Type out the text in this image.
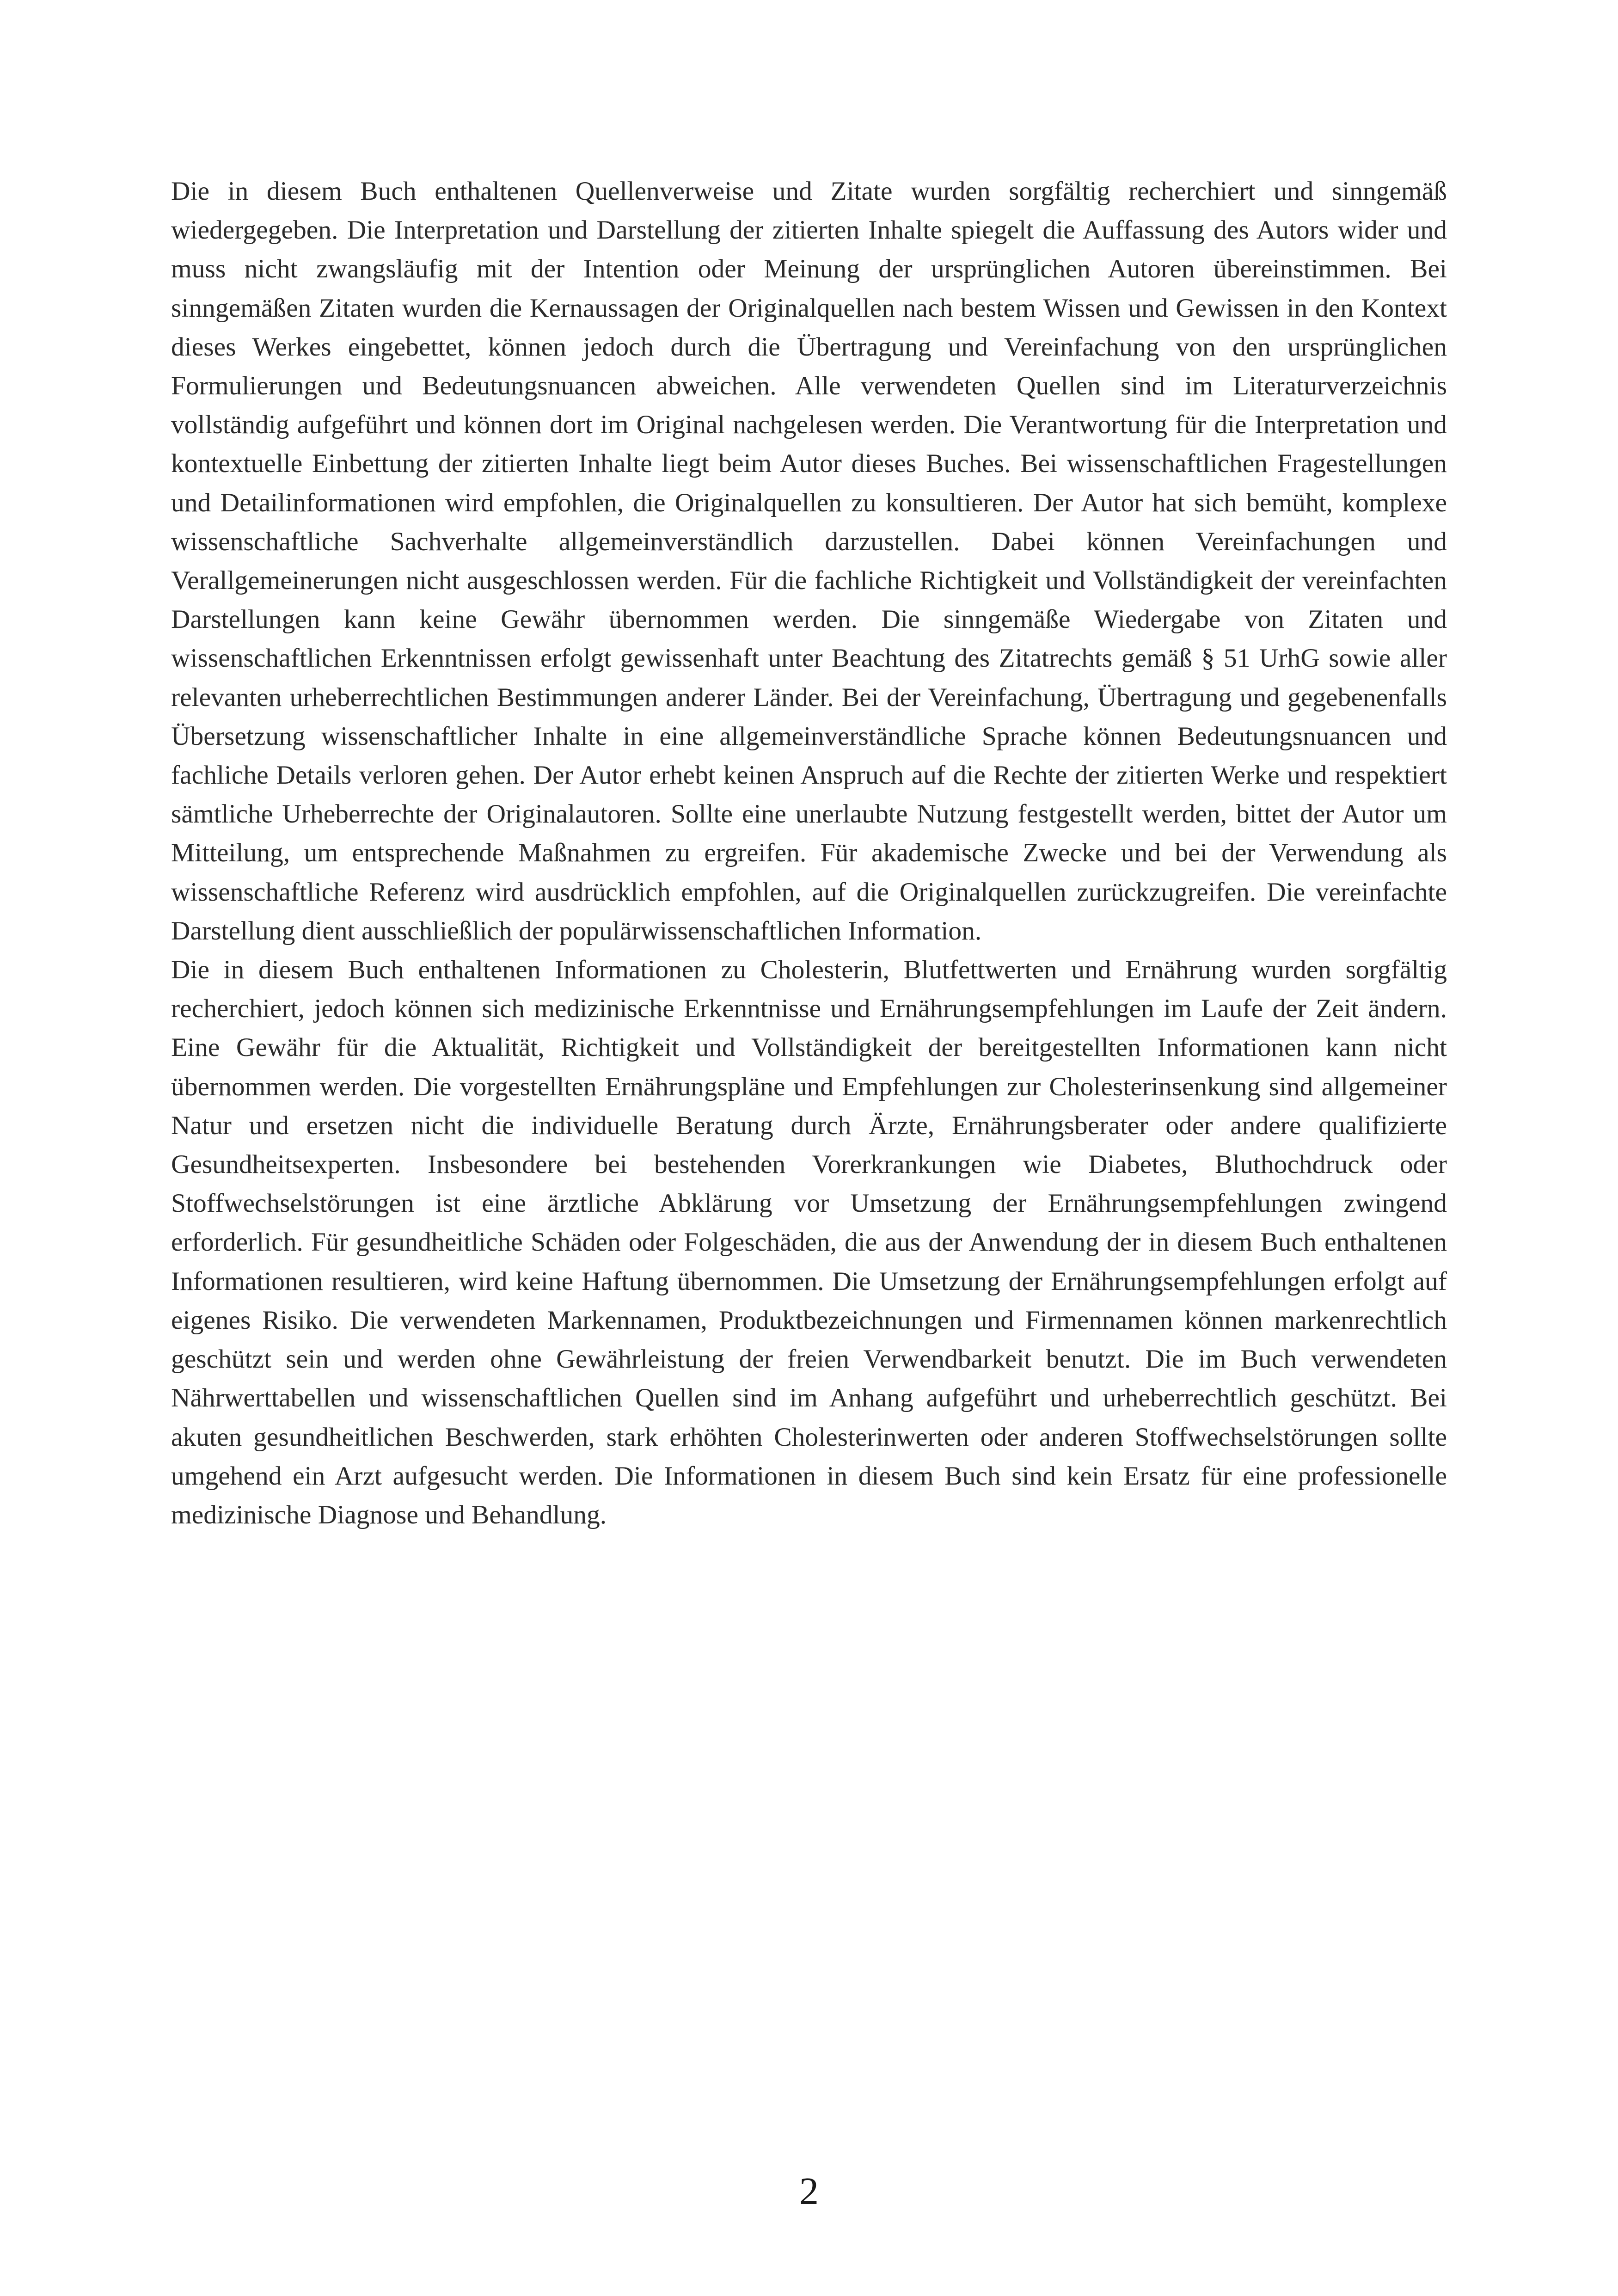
Die in diesem Buch enthaltenen Quellenverweise und Zitate wurden sorgfältig recherchiert und sinngemäß wiedergegeben. Die Interpretation und Darstellung der zitierten Inhalte spiegelt die Auffassung des Autors wider und muss nicht zwangsläufig mit der Intention oder Meinung der ursprünglichen Autoren übereinstimmen. Bei sinngemäßen Zitaten wurden die Kernaussagen der Originalquellen nach bestem Wissen und Gewissen in den Kontext dieses Werkes eingebettet, können jedoch durch die Übertragung und Vereinfachung von den ursprünglichen Formulierungen und Bedeutungsnuancen abweichen. Alle verwendeten Quellen sind im Literaturverzeichnis vollständig aufgeführt und können dort im Original nachgelesen werden. Die Verantwortung für die Interpretation und kontextuelle Einbettung der zitierten Inhalte liegt beim Autor dieses Buches. Bei wissenschaftlichen Fragestellungen und Detailinformationen wird empfohlen, die Originalquellen zu konsultieren. Der Autor hat sich bemüht, komplexe wissenschaftliche Sachverhalte allgemeinverständlich darzustellen. Dabei können Vereinfachungen und Verallgemeinerungen nicht ausgeschlossen werden. Für die fachliche Richtigkeit und Vollständigkeit der vereinfachten Darstellungen kann keine Gewähr übernommen werden. Die sinngemäße Wiedergabe von Zitaten und wissenschaftlichen Erkenntnissen erfolgt gewissenhaft unter Beachtung des Zitatrechts gemäß § 51 UrhG sowie aller relevanten urheberrechtlichen Bestimmungen anderer Länder. Bei der Vereinfachung, Übertragung und gegebenenfalls Übersetzung wissenschaftlicher Inhalte in eine allgemeinverständliche Sprache können Bedeutungsnuancen und fachliche Details verloren gehen. Der Autor erhebt keinen Anspruch auf die Rechte der zitierten Werke und respektiert sämtliche Urheberrechte der Originalautoren. Sollte eine unerlaubte Nutzung festgestellt werden, bittet der Autor um Mitteilung, um entsprechende Maßnahmen zu ergreifen. Für akademische Zwecke und bei der Verwendung als wissenschaftliche Referenz wird ausdrücklich empfohlen, auf die Originalquellen zurückzugreifen. Die vereinfachte Darstellung dient ausschließlich der populärwissenschaftlichen Information.

Die in diesem Buch enthaltenen Informationen zu Cholesterin, Blutfettwerten und Ernährung wurden sorgfältig recherchiert, jedoch können sich medizinische Erkenntnisse und Ernährungsempfehlungen im Laufe der Zeit ändern. Eine Gewähr für die Aktualität, Richtigkeit und Vollständigkeit der bereitgestellten Informationen kann nicht übernommen werden. Die vorgestellten Ernährungspläne und Empfehlungen zur Cholesterinsenkung sind allgemeiner Natur und ersetzen nicht die individuelle Beratung durch Ärzte, Ernährungsberater oder andere qualifizierte Gesundheitsexperten. Insbesondere bei bestehenden Vorerkrankungen wie Diabetes, Bluthochdruck oder Stoffwechselstörungen ist eine ärztliche Abklärung vor Umsetzung der Ernährungsempfehlungen zwingend erforderlich. Für gesundheitliche Schäden oder Folgeschäden, die aus der Anwendung der in diesem Buch enthaltenen Informationen resultieren, wird keine Haftung übernommen. Die Umsetzung der Ernährungsempfehlungen erfolgt auf eigenes Risiko. Die verwendeten Markennamen, Produktbezeichnungen und Firmennamen können markenrechtlich geschützt sein und werden ohne Gewährleistung der freien Verwendbarkeit benutzt. Die im Buch verwendeten Nährwerttabellen und wissenschaftlichen Quellen sind im Anhang aufgeführt und urheberrechtlich geschützt. Bei akuten gesundheitlichen Beschwerden, stark erhöhten Cholesterinwerten oder anderen Stoffwechselstörungen sollte umgehend ein Arzt aufgesucht werden. Die Informationen in diesem Buch sind kein Ersatz für eine professionelle medizinische Diagnose und Behandlung.

2
